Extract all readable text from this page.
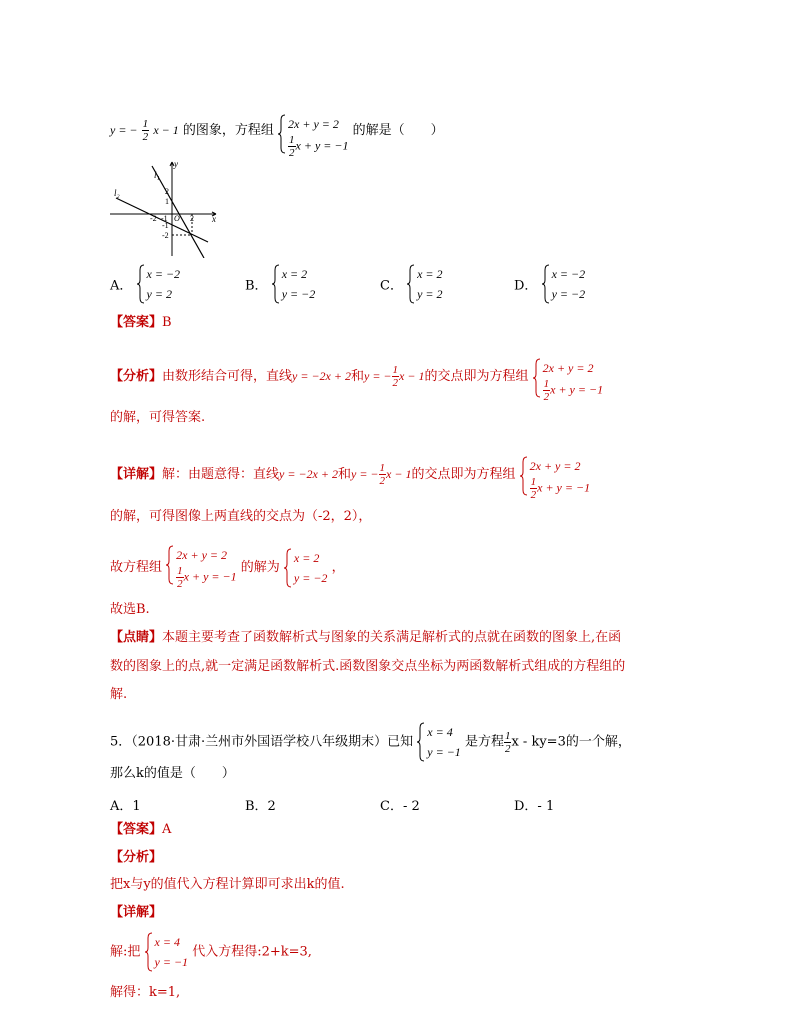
y = − $\frac{1}{2}$ x − 1 的图象，方程组 2x + y = 2
$\frac{1}{2}$ x + y = −1
的解是（　　）
l₁
l₂
y
x
2
1
O
-2 -1	2
-1
-2
A．
x = −2
y = 2
B．
x = 2
y = −2
C．
x = 2
y = 2
D．
x = −2
y = −2
【答案】B
【分析】由数形结合可得，直线y = −2x + 2和y = − $\frac{1}{2}$ x − 1的交点即为方程组
2x + y = 2
$\frac{1}{2}$ x + y = −1
的解，可得答案.
【详解】解：由题意得：直线y = −2x + 2和y = − $\frac{1}{2}$ x − 1的交点即为方程组
2x + y = 2
$\frac{1}{2}$ x + y = −1
的解，可得图像上两直线的交点为（-2，2），
故方程组
2x + y = 2
$\frac{1}{2}$ x + y = −1
的解为
x = 2
y = −2
，
故选B.
【点睛】本题主要考查了函数解析式与图象的关系满足解析式的点就在函数的图象上,在函
数的图象上的点,就一定满足函数解析式.函数图象交点坐标为两函数解析式组成的方程组的
解.
5．（2018·甘肃·兰州市外国语学校八年级期末）已知
x = 4
y = −1
是方程 $\frac{1}{2}$ x - ky=3的一个解，
那么k的值是（　　）
A．1	B．2	C．- 2	D．- 1
【答案】A
【分析】
把x与y的值代入方程计算即可求出k的值.
【详解】
解:把
x = 4
y = −1
代入方程得:2+k=3,
解得：k=1,
